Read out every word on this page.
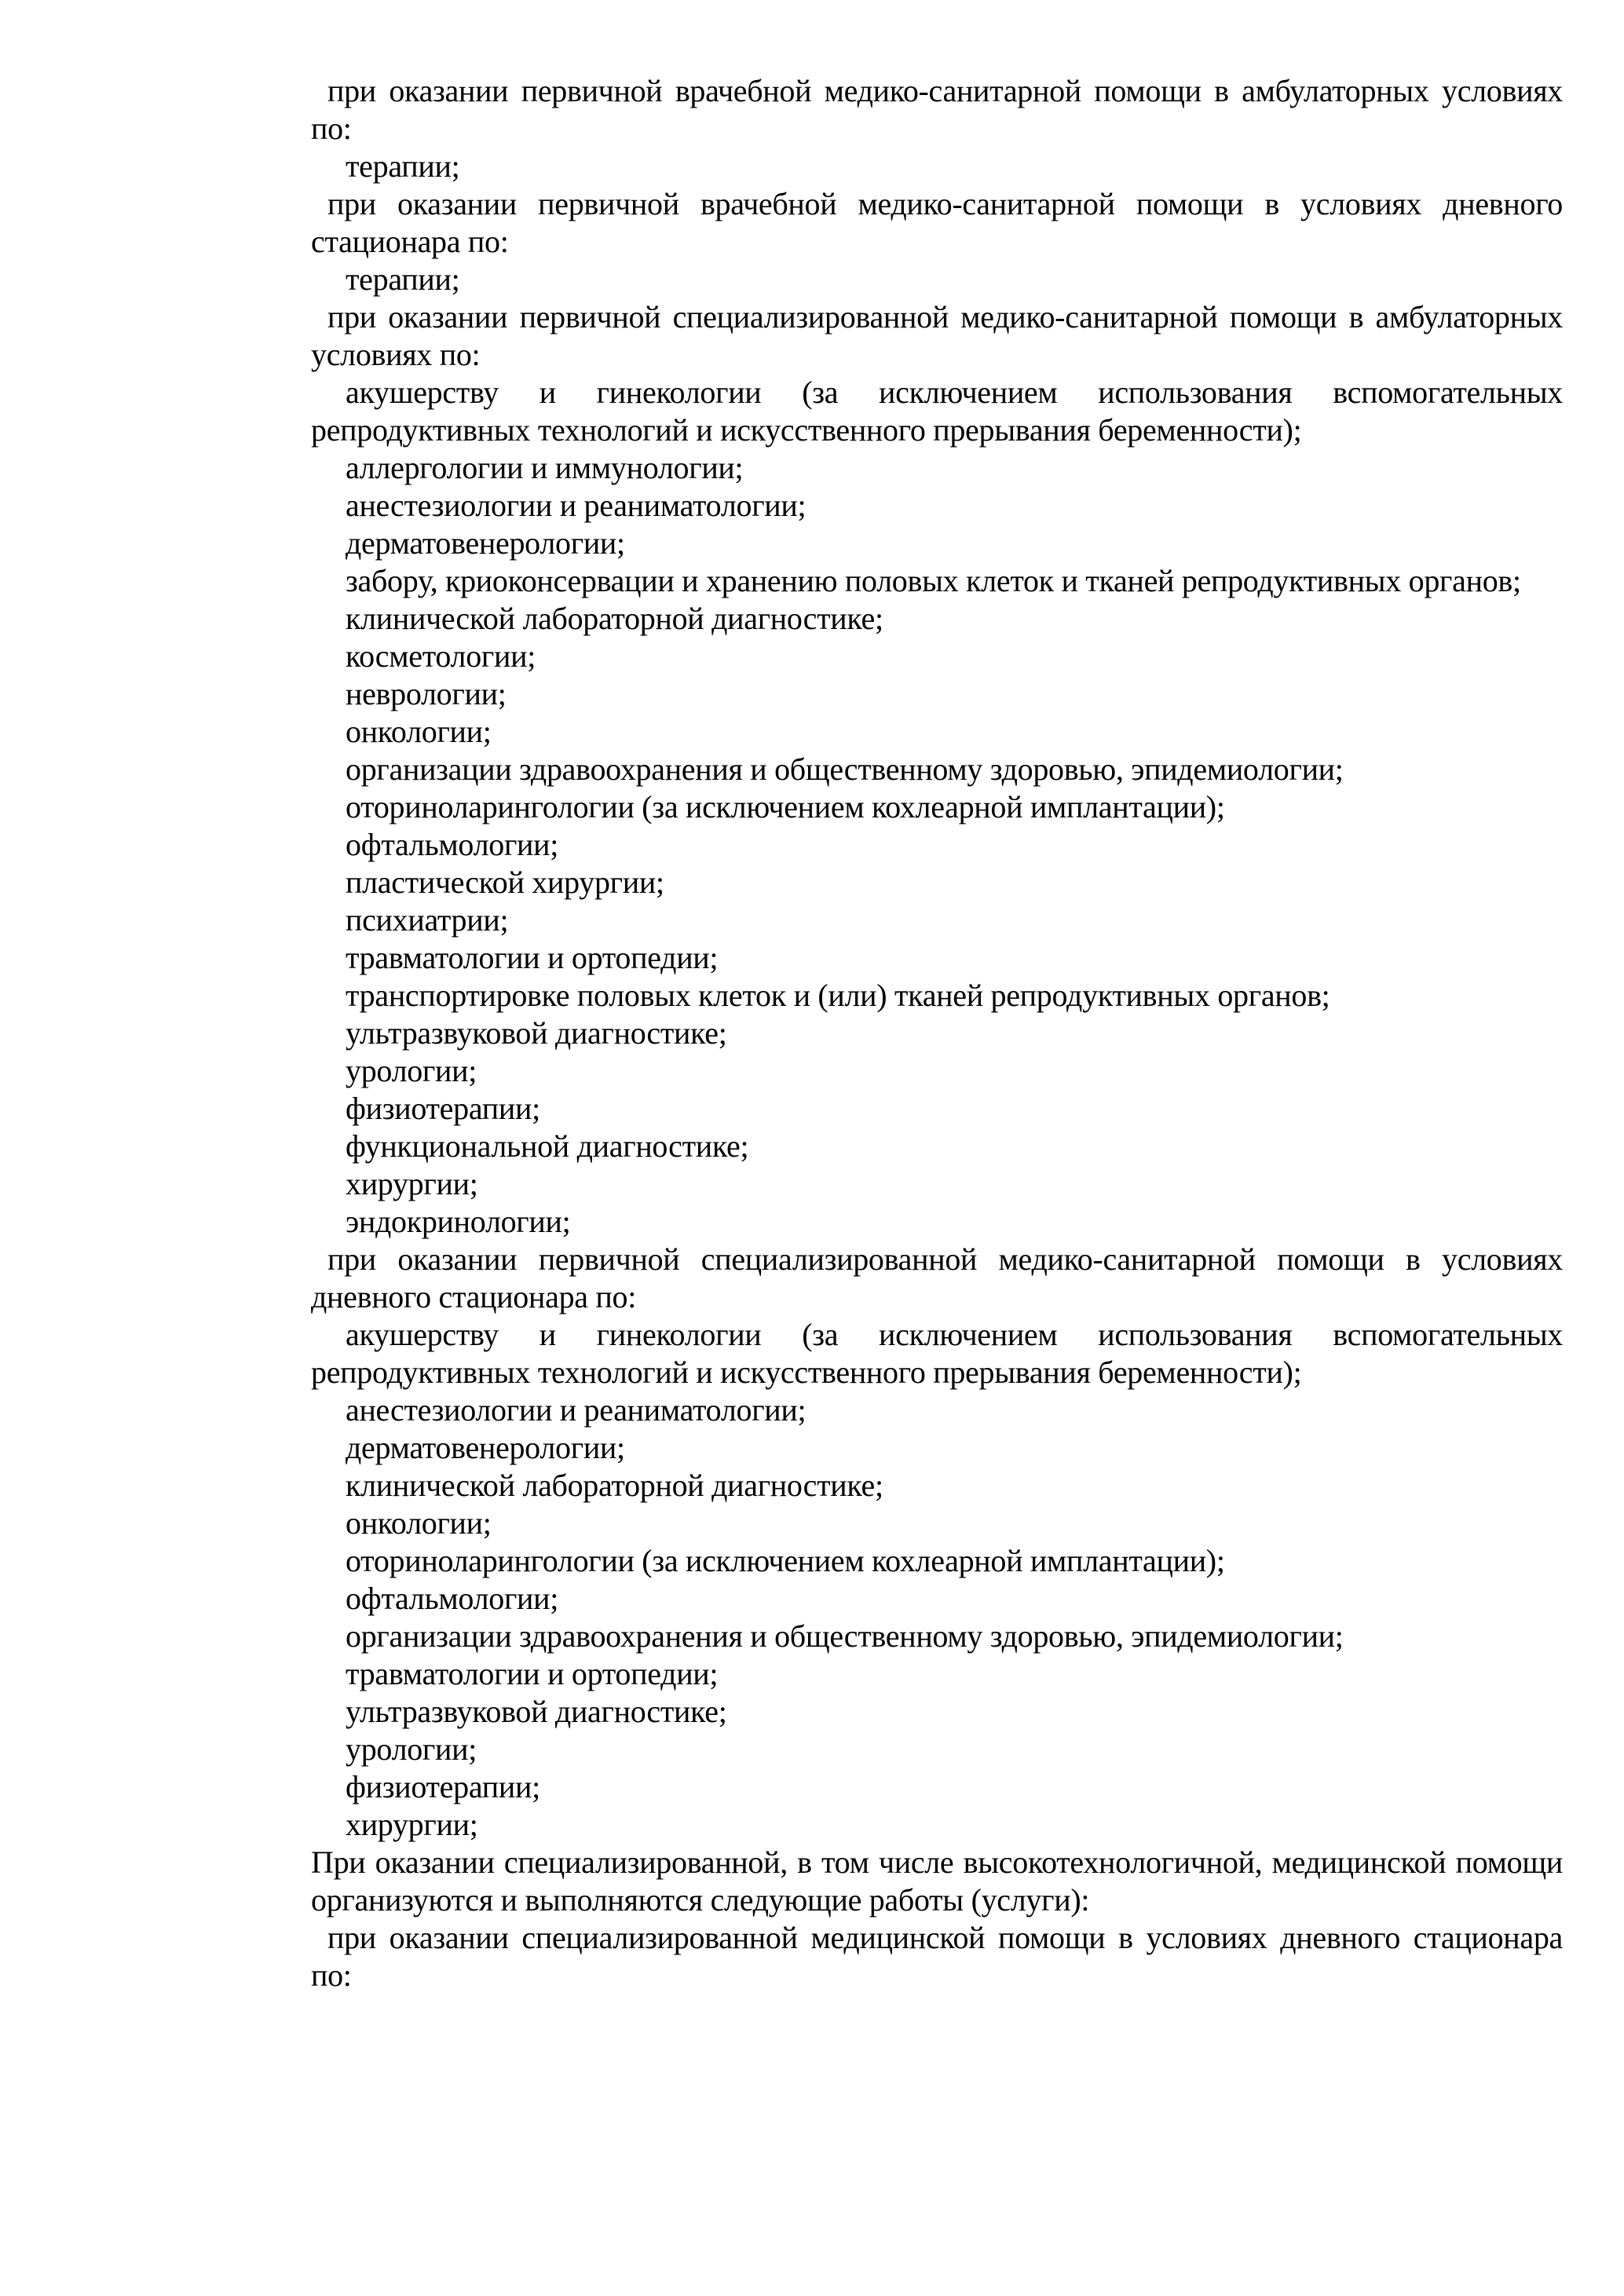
при оказании первичной врачебной медико-санитарной помощи в амбулаторных условиях по:

терапии;

при оказании первичной врачебной медико-санитарной помощи в условиях дневного стационара по:

терапии;

при оказании первичной специализированной медико-санитарной помощи в амбулаторных условиях по:

акушерству и гинекологии (за исключением использования вспомогательных репродуктивных технологий и искусственного прерывания беременности);

аллергологии и иммунологии;

анестезиологии и реаниматологии;

дерматовенерологии;

забору, криоконсервации и хранению половых клеток и тканей репродуктивных органов;

клинической лабораторной диагностике;

косметологии;

неврологии;

онкологии;

организации здравоохранения и общественному здоровью, эпидемиологии;

оториноларингологии (за исключением кохлеарной имплантации);

офтальмологии;

пластической хирургии;

психиатрии;

травматологии и ортопедии;

транспортировке половых клеток и (или) тканей репродуктивных органов;

ультразвуковой диагностике;

урологии;

физиотерапии;

функциональной диагностике;

хирургии;

эндокринологии;

при оказании первичной специализированной медико-санитарной помощи в условиях дневного стационара по:

акушерству и гинекологии (за исключением использования вспомогательных репродуктивных технологий и искусственного прерывания беременности);

анестезиологии и реаниматологии;

дерматовенерологии;

клинической лабораторной диагностике;

онкологии;

оториноларингологии (за исключением кохлеарной имплантации);

офтальмологии;

организации здравоохранения и общественному здоровью, эпидемиологии;

травматологии и ортопедии;

ультразвуковой диагностике;

урологии;

физиотерапии;

хирургии;

При оказании специализированной, в том числе высокотехнологичной, медицинской помощи организуются и выполняются следующие работы (услуги):

при оказании специализированной медицинской помощи в условиях дневного стационара по:
